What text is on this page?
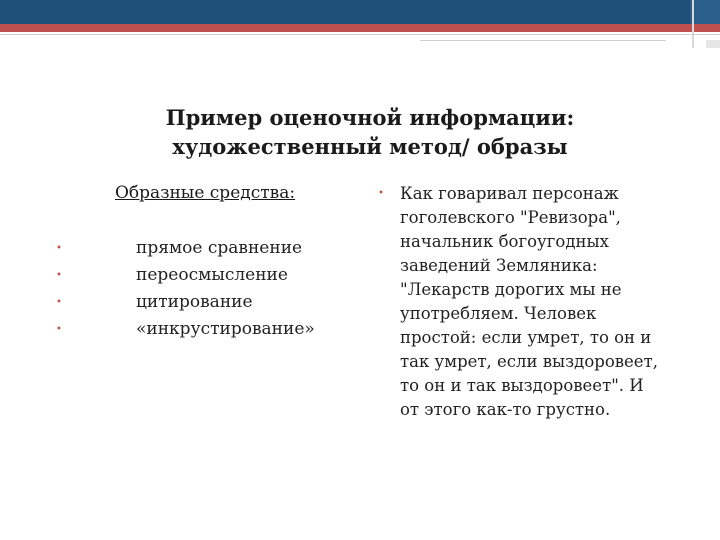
Пример оценочной информации:
художественный метод/ образы
Образные средства:
•	прямое сравнение
•	переосмысление
•	цитирование
•	«инкрустирование»
• Как говаривал персонаж
гоголевского "Ревизора",
начальник богоугодных
заведений Земляника:
"Лекарств дорогих мы не
употребляем. Человек
простой: если умрет, то он и
так умрет, если выздоровеет,
то он и так выздоровеет". И
от этого как-то грустно.
